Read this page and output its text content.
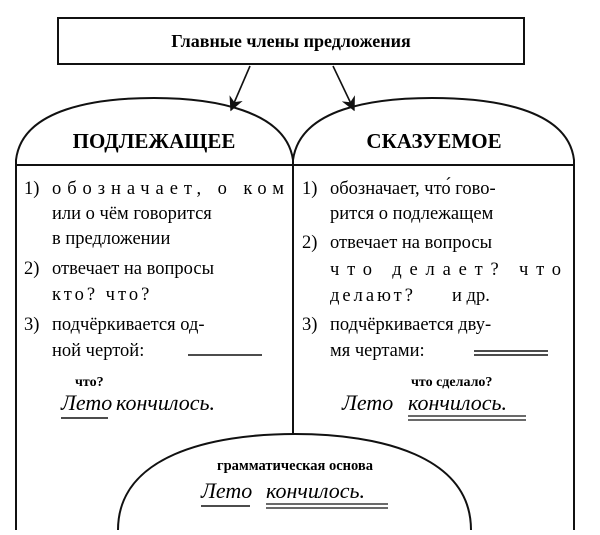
Главные члены предложения
ПОДЛЕЖАЩЕЕ	СКАЗУЕМОЕ
1) обозначает, о ком
или о чём говорится
в предложении
2) отвечает на вопросы
кто? что?
3) подчёркивается од-
ной чертой:
что?
Лето кончилось.
1) обозначает, что́ гово-
рится о подлежащем
2) отвечает на вопросы
что делает? что
делают? и др.
3) подчёркивается дву-
мя чертами:
что сделало?
Лето кончилось.
грамматическая основа
Лето кончилось.
